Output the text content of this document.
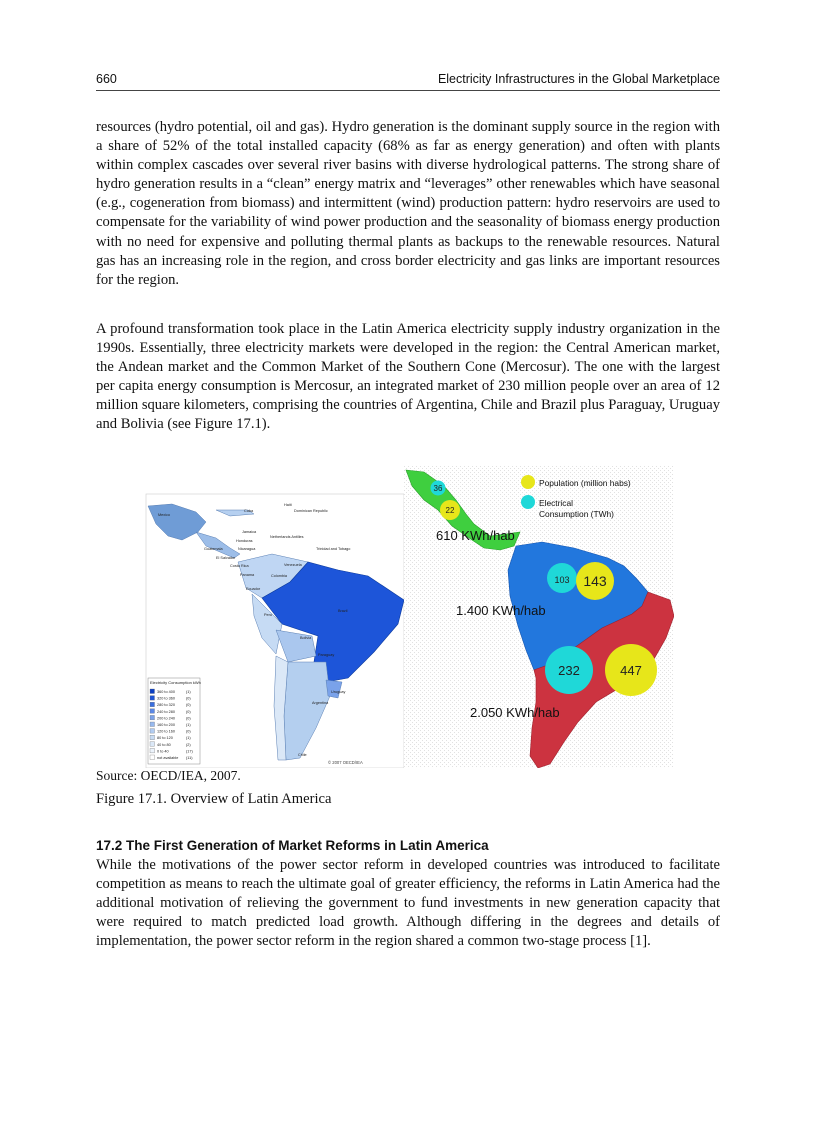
660	Electricity Infrastructures in the Global Marketplace

resources (hydro potential, oil and gas). Hydro generation is the dominant supply source in the region with a share of 52% of the total installed capacity (68% as far as energy generation) and often with plants within complex cascades over several river basins with diverse hydrological patterns. The strong share of hydro generation results in a “clean” energy matrix and “leverages” other renewables which have seasonal (e.g., cogeneration from biomass) and intermittent (wind) production pattern: hydro reservoirs are used to compensate for the variability of wind power production and the seasonality of biomass energy production with no need for expensive and polluting thermal plants as backups to the renewable resources. Natural gas has an increasing role in the region, and cross border electricity and gas links are important resources for the region.

A profound transformation took place in the Latin America electricity supply industry organization in the 1990s. Essentially, three electricity markets were developed in the region: the Central American market, the Andean market and the Common Market of the Southern Cone (Mercosur). The one with the largest per capita energy consumption is Mercosur, an integrated market of 230 million people over an area of 12 million square kilometers, comprising the countries of Argentina, Chile and Brazil plus Paraguay, Uruguay and Bolivia (see Figure 17.1).

Haiti
Dominican Republic
Cuba
Mexico
Jamaica
Netherlands Antilles
Honduras
Guatemala	Nicaragua
El Salvador
Trinidad and Tobago
Costa Rica	Venezuela
Panama	Colombia
Ecuador
Brazil
Peru
Bolivia
Paraguay
Chile
Argentina
Uruguay
Electricity Consumption kWh
360 to 400	(1)
320 to 360	(0)
280 to 320	(0)
240 to 280	(0)
200 to 240	(0)
160 to 200	(1)
120 to 160	(0)
80 to 120	(1)
40 to 80	(2)
0 to 40	(17)
not available (11)
© 2007 OECD/IEA
36
22
103 143
232	447
Population (million habs)
Electrical Consumption (TWh)
610 KWh/hab
1.400 KWh/hab
2.050 KWh/hab
Source: OECD/IEA, 2007.
Figure 17.1. Overview of Latin America
17.2 The First Generation of Market Reforms in Latin America

While the motivations of the power sector reform in developed countries was introduced to facilitate competition as means to reach the ultimate goal of greater efficiency, the reforms in Latin America had the additional motivation of relieving the government to fund investments in new generation capacity that were required to match predicted load growth. Although differing in the degrees and details of implementation, the power sector reform in the region shared a common two-stage process [1].
